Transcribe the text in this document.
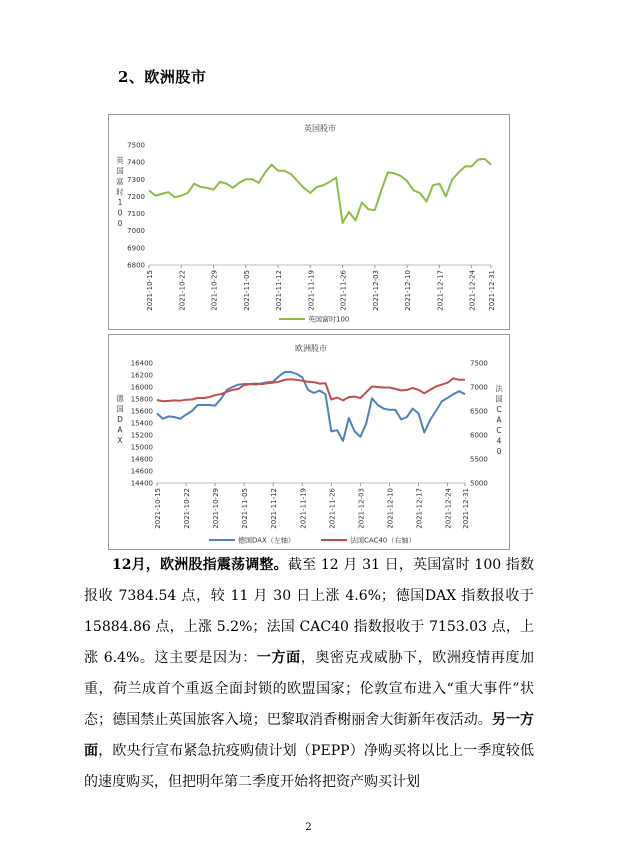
2、欧洲股市
英国股市
2021-10-15	2021-10-22	2021-10-29	2021-11-05	2021-11-12	2021-11-19	2021-11-26	2021-12-03	2021-12-10	2021-12-17	2021-12-24 2021-12-31
7500
7400
7300
7200
7100
7000
6900
6800
英
国
富
时
1
0
0
英国富时100
欧洲股市
2021-10-15	2021-10-22	2021-10-29	2021-11-05	2021-11-12	2021-11-19	2021-11-26	2021-12-03	2021-12-10	2021-12-17	2021-12-24 2021-12-31
16400
16200
16000
15800
15600
15400
15200
15000
14800
14600
14400
7500
7000
6500
6000
5500
5000
德
国
D
A
X
法
国
C
A
C
4
0
德国DAX（左轴）	法国CAC40（右轴）
12月，欧洲股指震荡调整。截至 12 月 31 日，英国富时 100 指数报收 7384.54 点，较 11 月 30 日上涨 4.6%；德国DAX 指数报收于 15884.86 点，上涨 5.2%；法国 CAC40 指数报收于 7153.03 点，上涨 6.4%。这主要是因为：一方面，奥密克戎威胁下，欧洲疫情再度加重，荷兰成首个重返全面封锁的欧盟国家；伦敦宣布进入“重大事件”状态；德国禁止英国旅客入境；巴黎取消香榭丽舍大街新年夜活动。另一方面，欧央行宣布紧急抗疫购债计划（PEPP）净购买将以比上一季度较低的速度购买，但把明年第二季度开始将把资产购买计划
2
